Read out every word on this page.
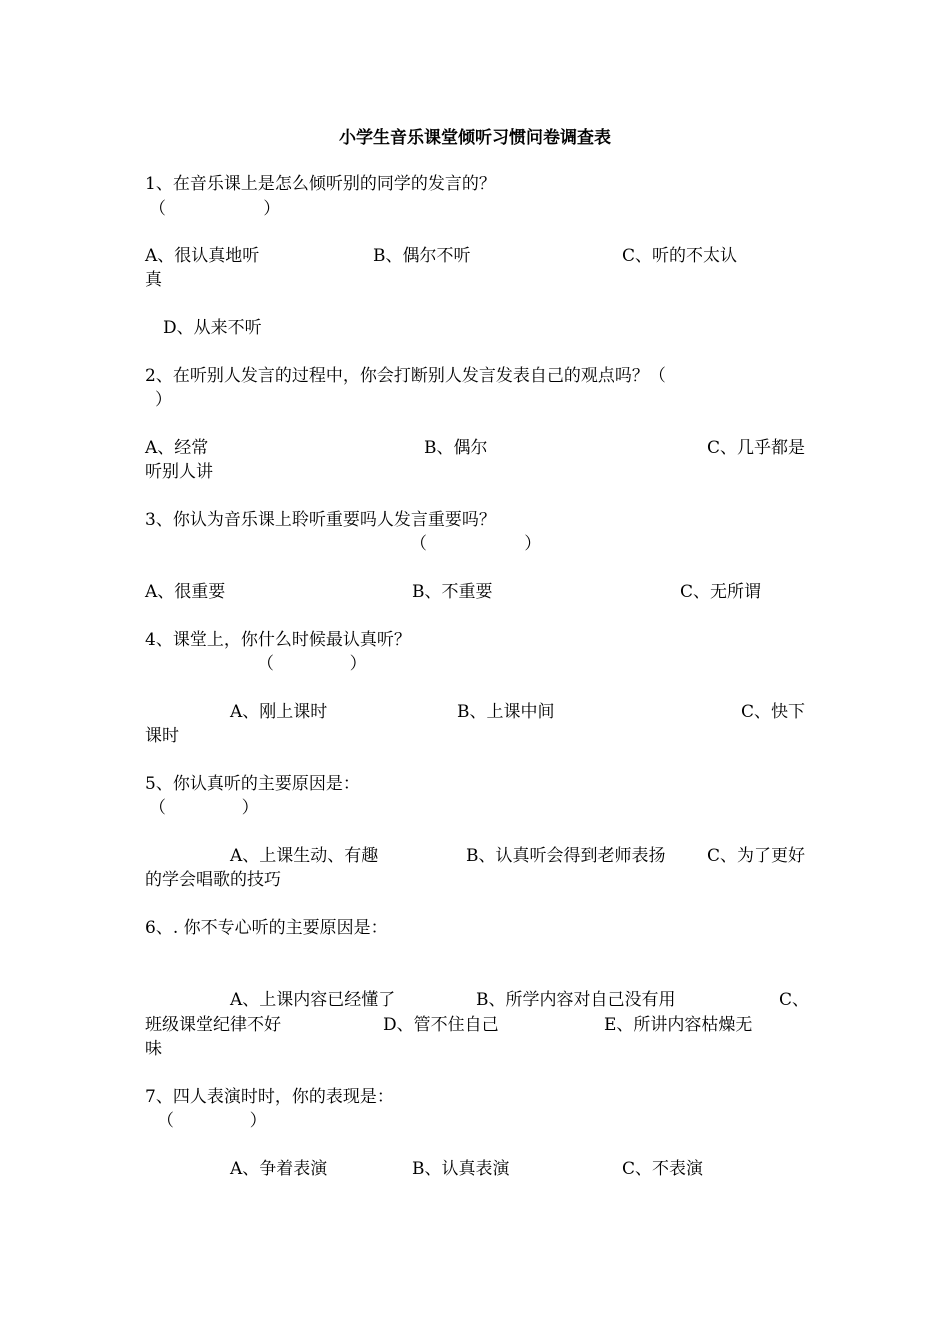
小学生音乐课堂倾听习惯问卷调查表
1、在音乐课上是怎么倾听别的同学的发言的？
（                  ）
A、很认真地听	B、偶尔不听	C、听的不太认
真
D、从来不听
2、在听别人发言的过程中，你会打断别人发言发表自己的观点吗？（
）
A、经常	B、偶尔	C、几乎都是
听别人讲
3、你认为音乐课上聆听重要吗人发言重要吗？
（                  ）
A、很重要	B、不重要	C、无所谓
4、课堂上，你什么时候最认真听？
（              ）
A、刚上课时	B、上课中间	C、快下
课时
5、你认真听的主要原因是：
（              ）
A、上课生动、有趣	B、认真听会得到老师表扬 C、为了更好
的学会唱歌的技巧
6、. 你不专心听的主要原因是：
A、上课内容已经懂了	B、所学内容对自己没有用	C、
班级课堂纪律不好	D、管不住自己	E、所讲内容枯燥无
味
7、四人表演时时，你的表现是：
（              ）
A、争着表演	B、认真表演	C、不表演
